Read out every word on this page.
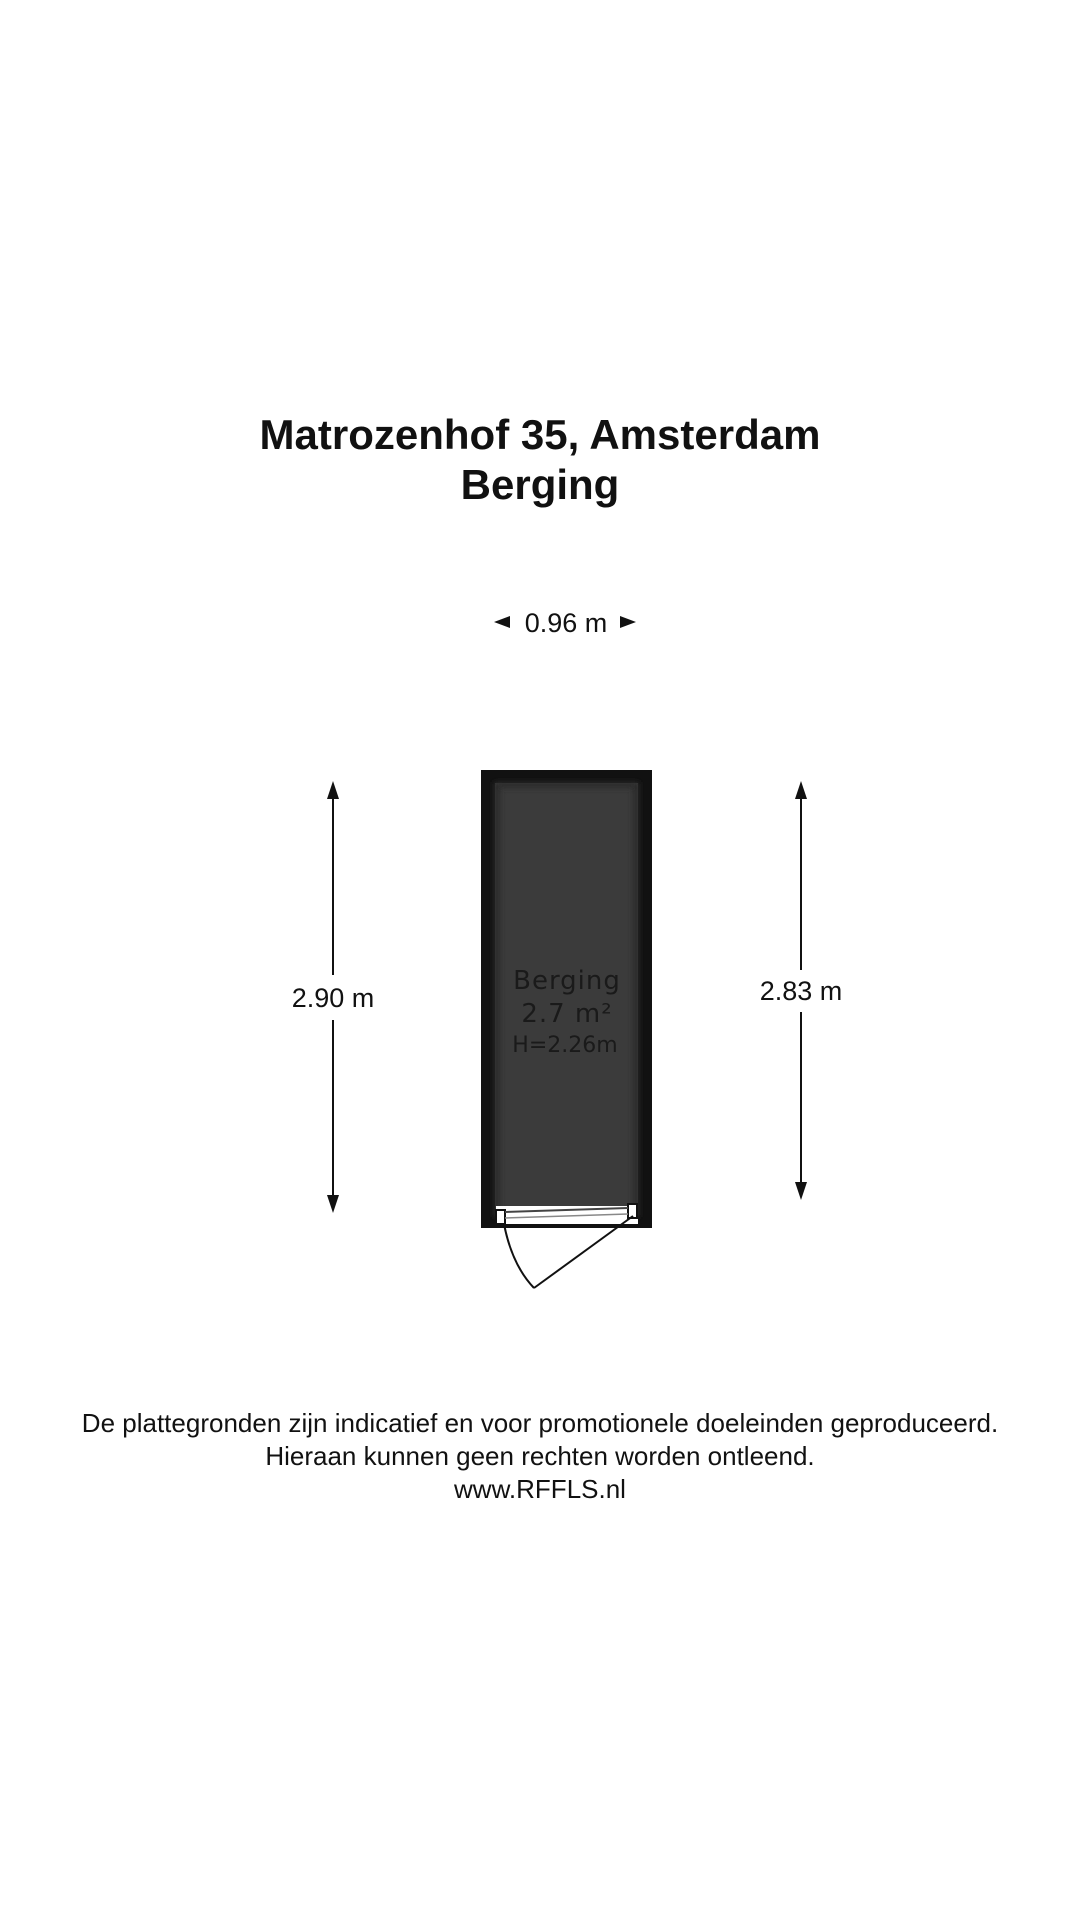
Matrozenhof 35, Amsterdam
Berging
0.96 m
2.90 m	2.83 m
Berging
2.7 m²
H=2.26m
De plattegronden zijn indicatief en voor promotionele doeleinden geproduceerd.
Hieraan kunnen geen rechten worden ontleend.
www.RFFLS.nl
